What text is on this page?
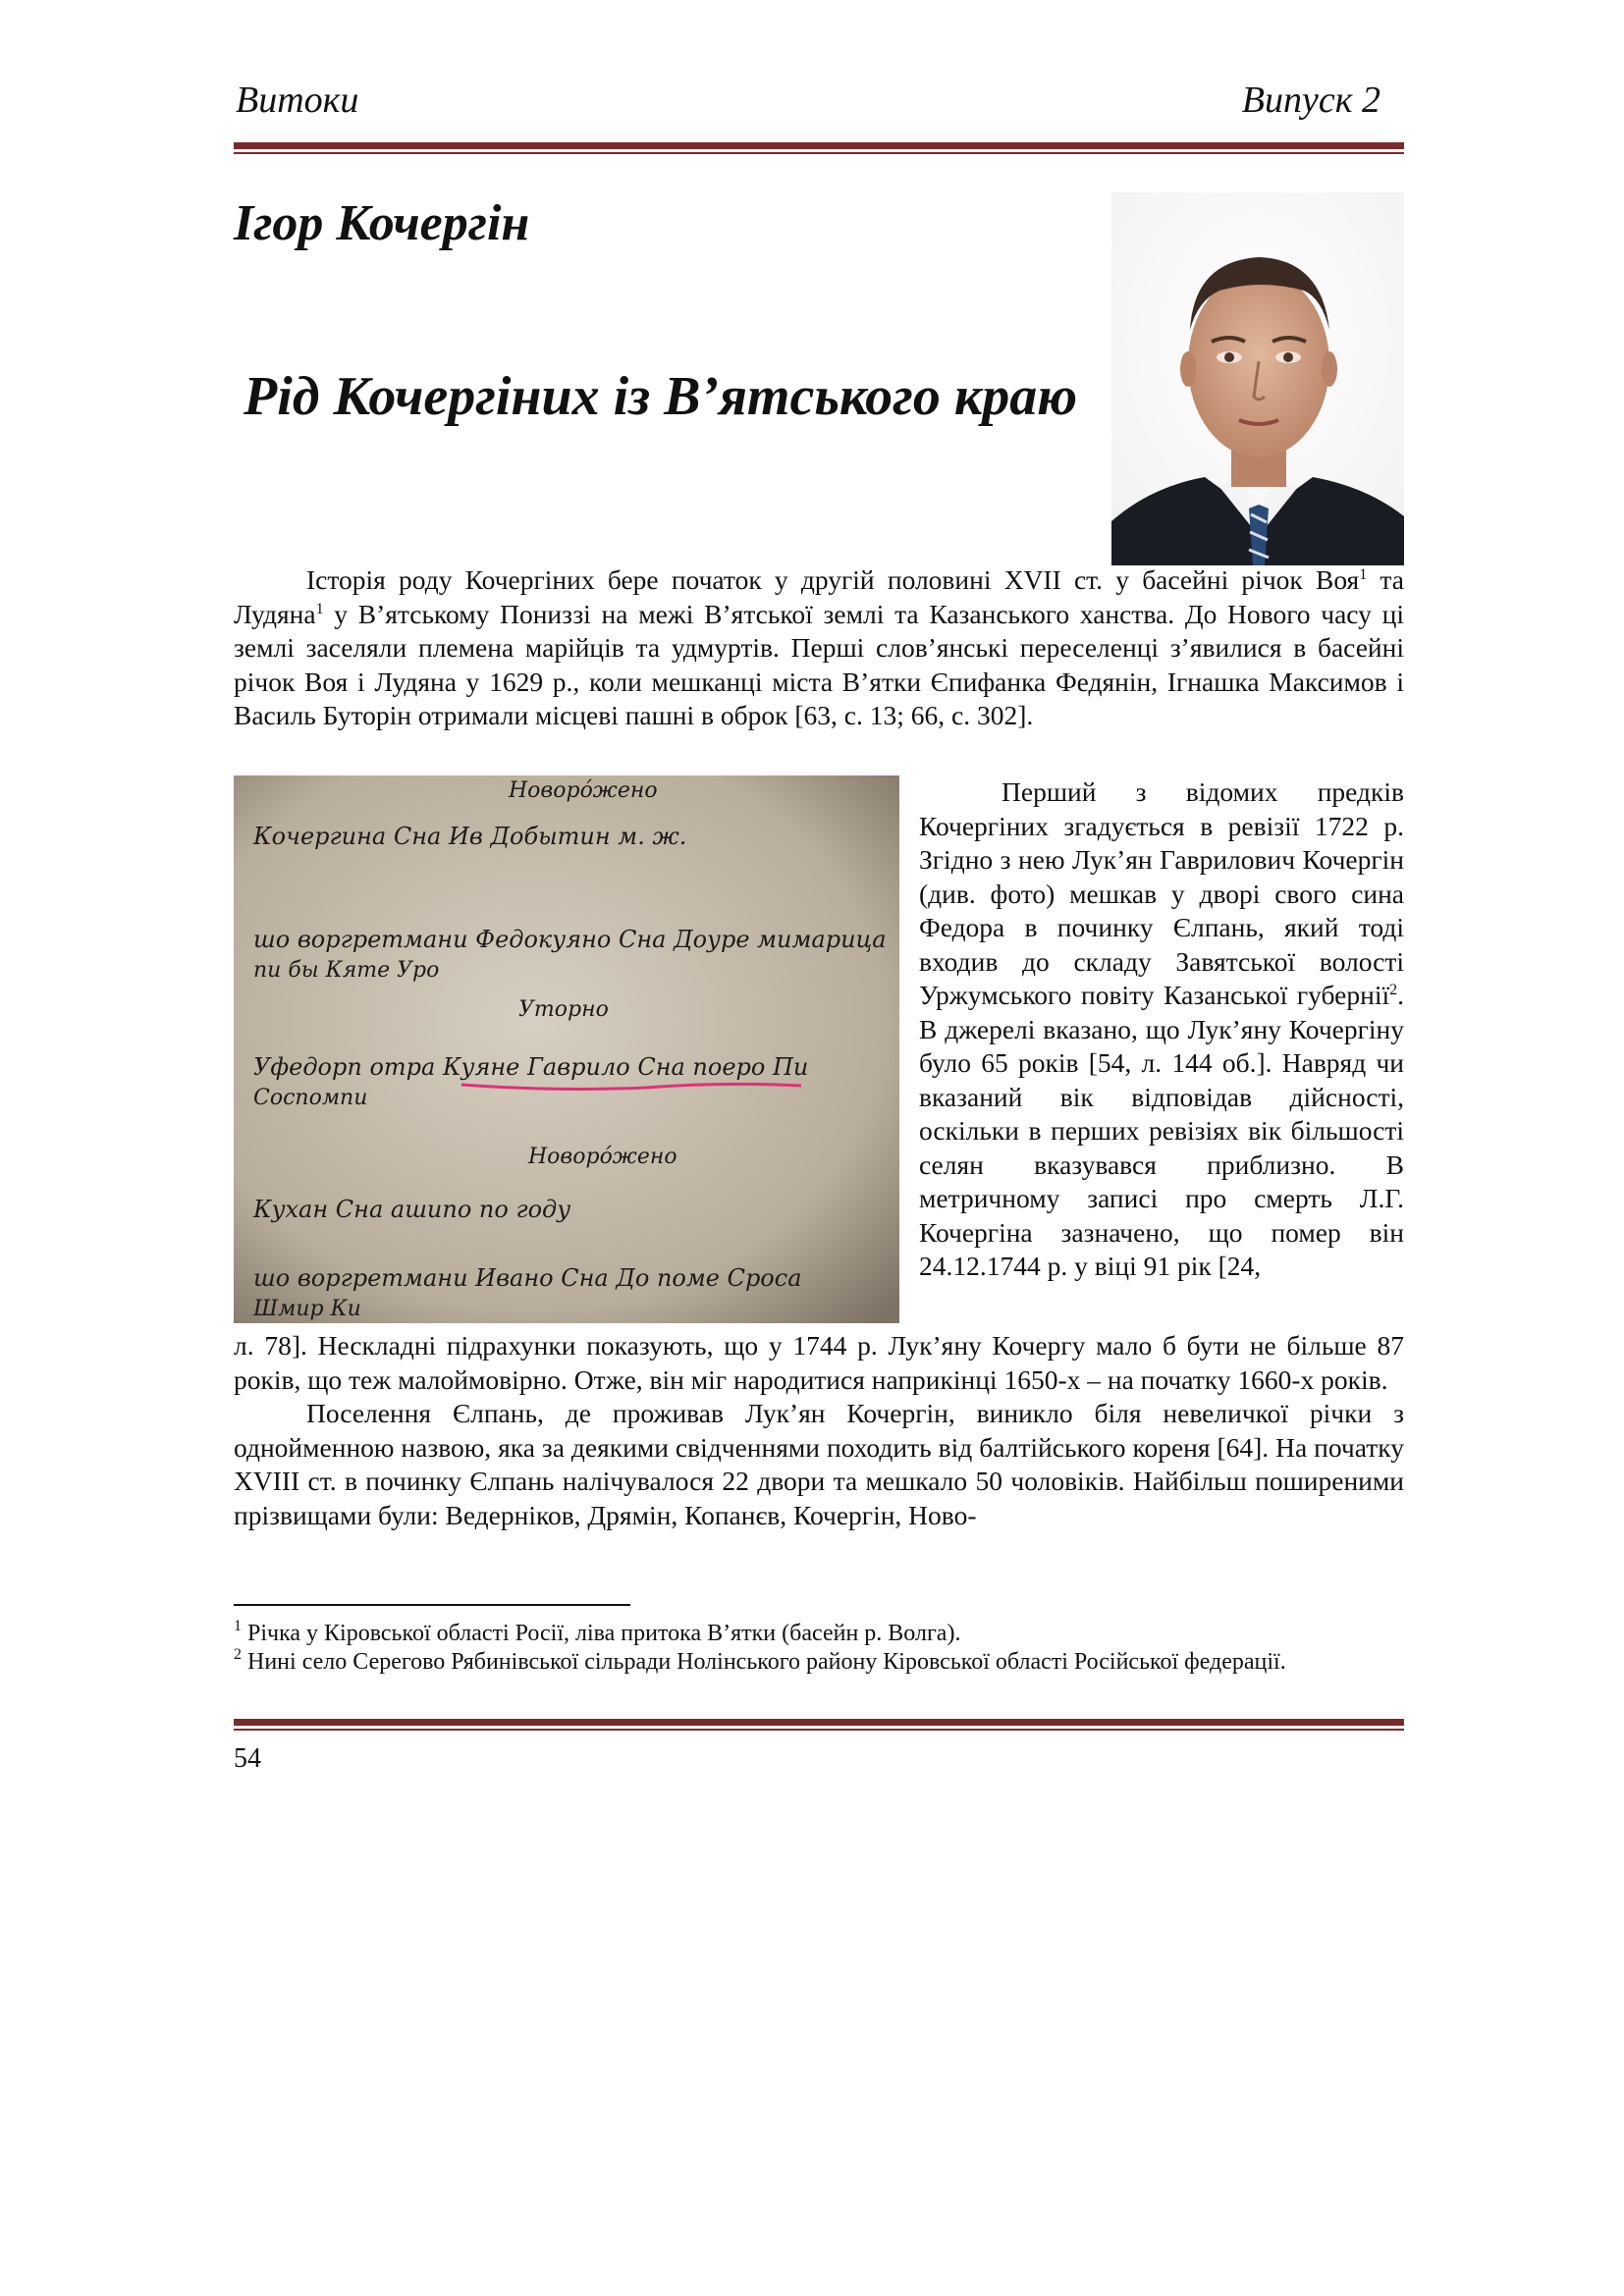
Витоки	Випуск 2
Ігор Кочергін
Рід Кочергіних із В’ятського краю

Історія роду Кочергіних бере початок у другій половині XVII ст. у басейні річок Воя$^1$ та Лудяна$^1$ у В’ятському Пониззі на межі В’ятської землі та Казанського ханства. До Нового часу ці землі заселяли племена марійців та удмуртів. Перші слов’янські переселенці з’явилися в басейні річок Воя і Лудяна у 1629 р., коли мешканці міста В’ятки Єпифанка Федянін, Ігнашка Максимов і Василь Буторін отримали місцеві пашні в оброк [63, с. 13; 66, с. 302].

Новоро́жено
Кочергина Сна Ив Добытин м. ж.
шо воргретмани Федокуяно Сна Доуре мимарица
пи бы Кяте Уро
Уторно
Уфедорп отра Куяне Гаврило Сна поеро Пи
Соспомпи
Новоро́жено
Кухан Сна ашипо по году
шо воргретмани Ивано Сна До поме Сроса
Шмир Ки

Перший з відомих предків Кочергіних згадується в ревізії 1722 р. Згідно з нею Лук’ян Гаврилович Кочергін (див. фото) мешкав у дворі свого сина Федора в починку Єлпань, який тоді входив до складу Завятської волості Уржумського повіту Казанської губернії$^2$. В джерелі вказано, що Лук’яну Кочергіну було 65 років [54, л. 144 об.]. Навряд чи вказаний вік відповідав дійсності, оскільки в перших ревізіях вік більшості селян вказувався приблизно. В метричному записі про смерть Л.Г. Кочергіна зазначено, що помер він 24.12.1744 р. у віці 91 рік [24,

л. 78]. Нескладні підрахунки показують, що у 1744 р. Лук’яну Кочергу мало б бути не більше 87 років, що теж малоймовірно. Отже, він міг народитися наприкінці 1650-х – на початку 1660-х років.

Поселення Єлпань, де проживав Лук’ян Кочергін, виникло біля невеличкої річки з однойменною назвою, яка за деякими свідченнями походить від балтійського кореня [64]. На початку XVIII ст. в починку Єлпань налічувалося 22 двори та мешкало 50 чоловіків. Найбільш поширеними прізвищами були: Ведерніков, Дрямін, Копанєв, Кочергін, Ново-

$^1$ Річка у Кіровської області Росії, ліва притока В’ятки (басейн р. Волга).

$^2$ Нині село Серегово Рябинівської сільради Нолінського району Кіровської області Російської федерації.

54
